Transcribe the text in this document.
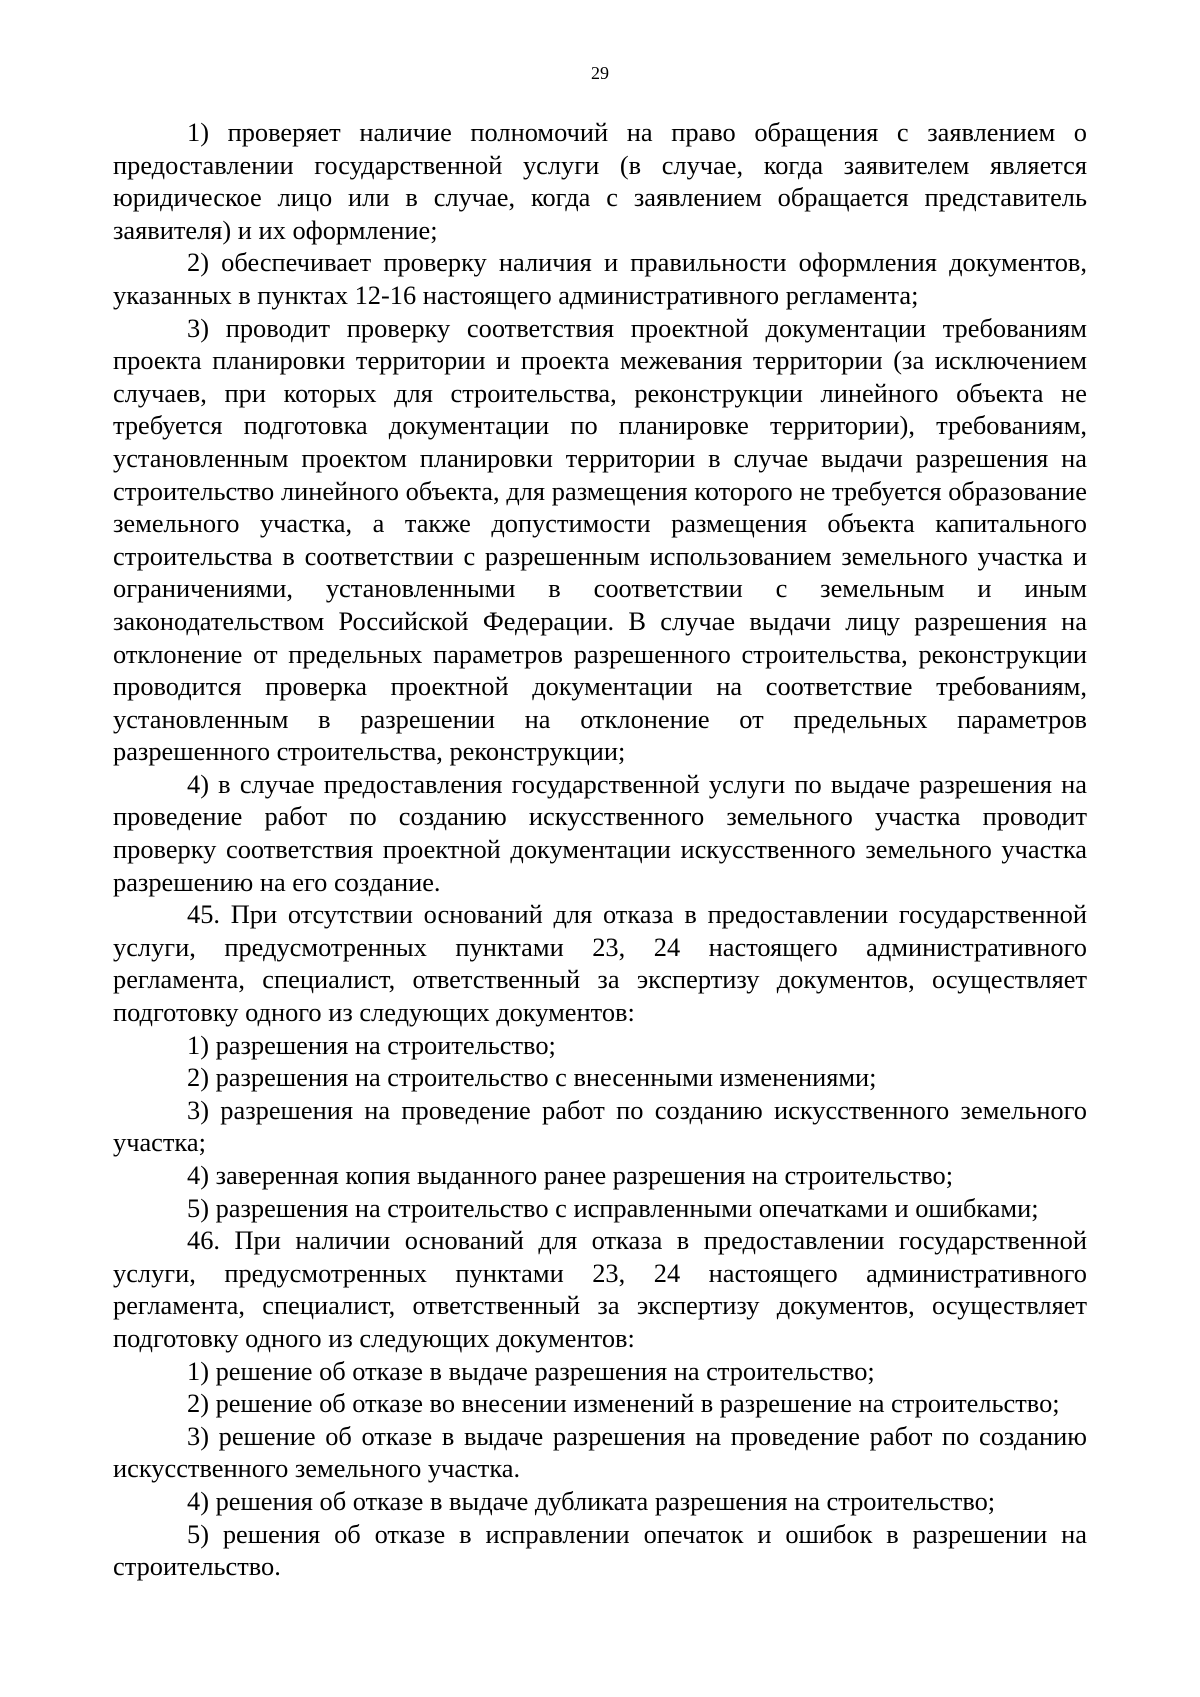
29

1) проверяет наличие полномочий на право обращения с заявлением о предоставлении государственной услуги (в случае, когда заявителем является юридическое лицо или в случае, когда с заявлением обращается представитель заявителя) и их оформление;

2) обеспечивает проверку наличия и правильности оформления документов, указанных в пунктах 12-16 настоящего административного регламента;

3) проводит проверку соответствия проектной документации требованиям проекта планировки территории и проекта межевания территории (за исключением случаев, при которых для строительства, реконструкции линейного объекта не требуется подготовка документации по планировке территории), требованиям, установленным проектом планировки территории в случае выдачи разрешения на строительство линейного объекта, для размещения которого не требуется образование земельного участка, а также допустимости размещения объекта капитального строительства в соответствии с разрешенным использованием земельного участка и ограничениями, установленными в соответствии с земельным и иным законодательством Российской Федерации. В случае выдачи лицу разрешения на отклонение от предельных параметров разрешенного строительства, реконструкции проводится проверка проектной документации на соответствие требованиям, установленным в разрешении на отклонение от предельных параметров разрешенного строительства, реконструкции;

4) в случае предоставления государственной услуги по выдаче разрешения на проведение работ по созданию искусственного земельного участка проводит проверку соответствия проектной документации искусственного земельного участка разрешению на его создание.

45. При отсутствии оснований для отказа в предоставлении государственной услуги, предусмотренных пунктами 23, 24 настоящего административного регламента, специалист, ответственный за экспертизу документов, осуществляет подготовку одного из следующих документов:

1) разрешения на строительство;

2) разрешения на строительство с внесенными изменениями;

3) разрешения на проведение работ по созданию искусственного земельного участка;

4) заверенная копия выданного ранее разрешения на строительство;

5) разрешения на строительство с исправленными опечатками и ошибками;

46. При наличии оснований для отказа в предоставлении государственной услуги, предусмотренных пунктами 23, 24 настоящего административного регламента, специалист, ответственный за экспертизу документов, осуществляет подготовку одного из следующих документов:

1) решение об отказе в выдаче разрешения на строительство;

2) решение об отказе во внесении изменений в разрешение на строительство;

3) решение об отказе в выдаче разрешения на проведение работ по созданию искусственного земельного участка.

4) решения об отказе в выдаче дубликата разрешения на строительство;

5) решения об отказе в исправлении опечаток и ошибок в разрешении на строительство.
